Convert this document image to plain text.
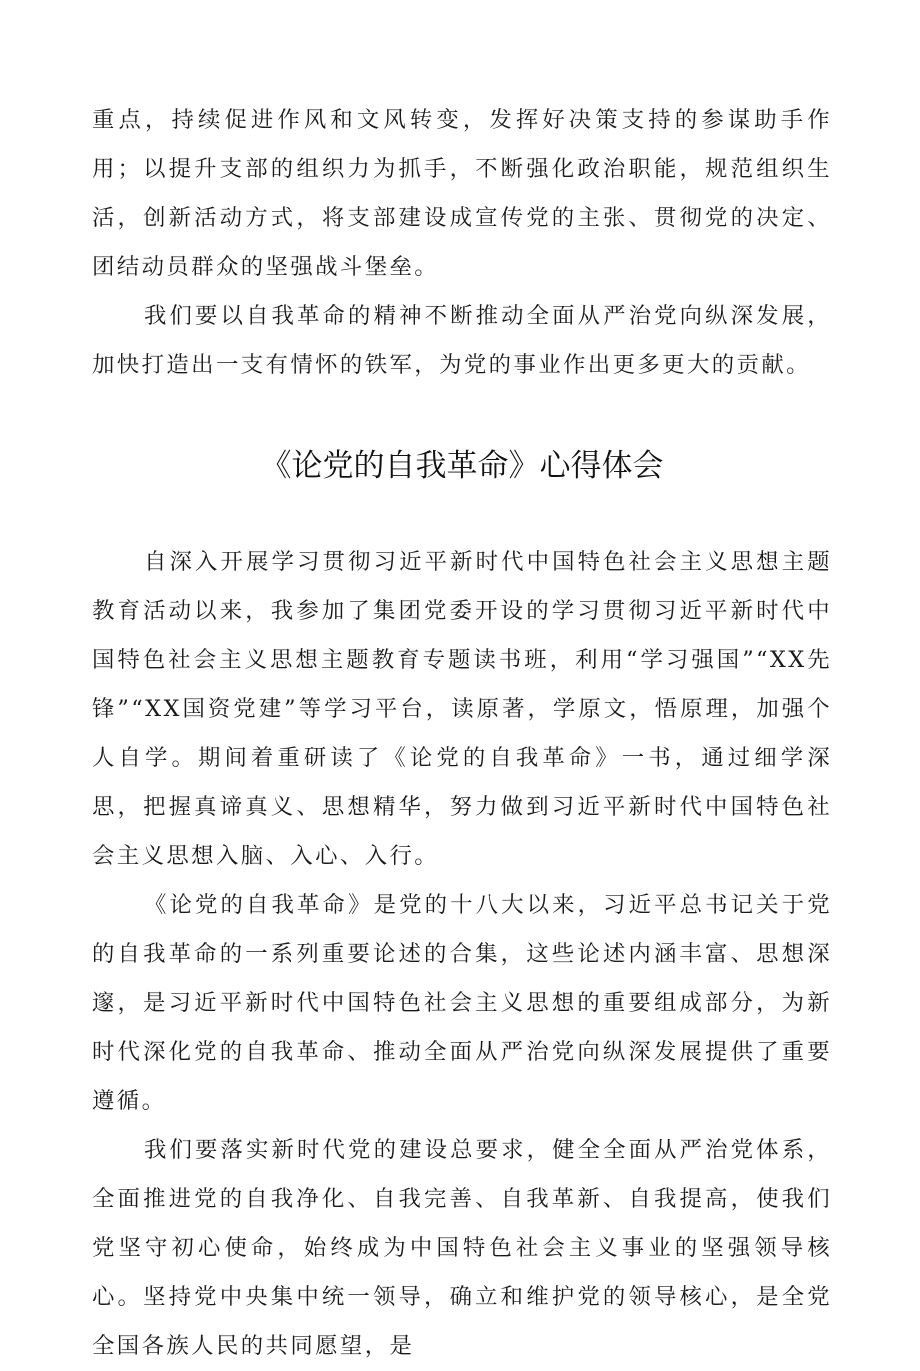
重点，持续促进作风和文风转变，发挥好决策支持的参谋助手作用；以提升支部的组织力为抓手，不断强化政治职能，规范组织生活，创新活动方式，将支部建设成宣传党的主张、贯彻党的决定、团结动员群众的坚强战斗堡垒。

我们要以自我革命的精神不断推动全面从严治党向纵深发展，加快打造出一支有情怀的铁军，为党的事业作出更多更大的贡献。

《论党的自我革命》心得体会

自深入开展学习贯彻习近平新时代中国特色社会主义思想主题教育活动以来，我参加了集团党委开设的学习贯彻习近平新时代中国特色社会主义思想主题教育专题读书班，利用“学习强国”“XX先锋”“XX国资党建”等学习平台，读原著，学原文，悟原理，加强个人自学。期间着重研读了《论党的自我革命》一书，通过细学深思，把握真谛真义、思想精华，努力做到习近平新时代中国特色社会主义思想入脑、入心、入行。

《论党的自我革命》是党的十八大以来，习近平总书记关于党的自我革命的一系列重要论述的合集，这些论述内涵丰富、思想深邃，是习近平新时代中国特色社会主义思想的重要组成部分，为新时代深化党的自我革命、推动全面从严治党向纵深发展提供了重要遵循。

我们要落实新时代党的建设总要求，健全全面从严治党体系，全面推进党的自我净化、自我完善、自我革新、自我提高，使我们党坚守初心使命，始终成为中国特色社会主义事业的坚强领导核心。坚持党中央集中统一领导，确立和维护党的领导核心，是全党全国各族人民的共同愿望，是
